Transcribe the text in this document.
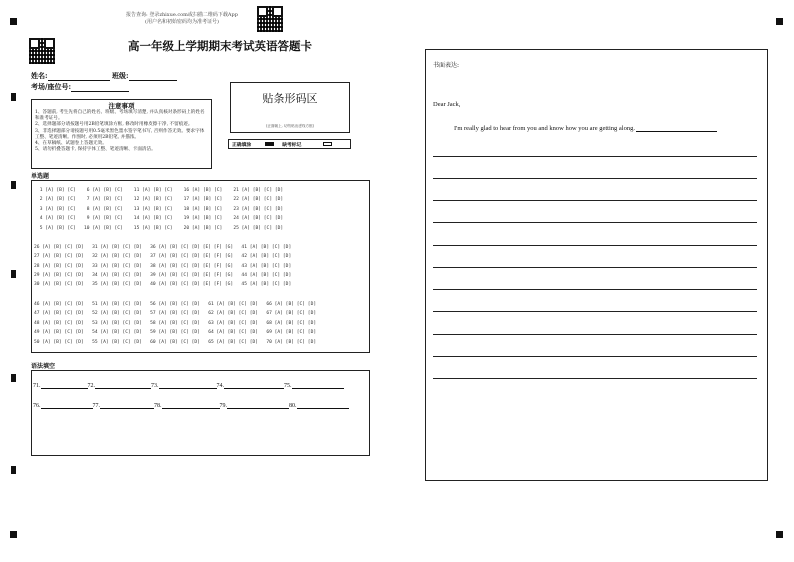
报告查询: 登录zhixue.com或扫描二维码下载App
(用户名和初始密码均为准考证号)
高一年级上学期期末考试英语答题卡
姓名:	班级:
考场/座位号:
贴条形码区
(正面朝上, 切勿贴出虚线方框)
注意事项
1、答题前, 考生先将自己的姓名、班级、考场填写清楚, 并认真核对条形码上的姓名和准考证号。
2、选择题部分请按题号用2B铅笔填涂方框, 修改时用橡皮擦干净, 不留痕迹。
3、非选择题部分请按题号用0.5毫米黑色墨水签字笔书写, 否则作答无效。要求字体工整、笔迹清晰。作图时, 必须用2B铅笔, 并描浓。
4、在草稿纸、试题卷上答题无效。
5、请勿折叠答题卡, 保持字体工整、笔迹清晰、卡面清洁。
正确填涂	缺考标记
单选题
1 [A] [B] [C]    6 [A] [B] [C]    11 [A] [B] [C]    16 [A] [B] [C]    21 [A] [B] [C] [D]
2 [A] [B] [C]    7 [A] [B] [C]    12 [A] [B] [C]    17 [A] [B] [C]    22 [A] [B] [C] [D]
3 [A] [B] [C]    8 [A] [B] [C]    13 [A] [B] [C]    18 [A] [B] [C]    23 [A] [B] [C] [D]
4 [A] [B] [C]    9 [A] [B] [C]    14 [A] [B] [C]    19 [A] [B] [C]    24 [A] [B] [C] [D]
5 [A] [B] [C]   10 [A] [B] [C]    15 [A] [B] [C]    20 [A] [B] [C]    25 [A] [B] [C] [D]
26 [A] [B] [C] [D]   31 [A] [B] [C] [D]   36 [A] [B] [C] [D] [E] [F] [G]   41 [A] [B] [C] [D]
27 [A] [B] [C] [D]   32 [A] [B] [C] [D]   37 [A] [B] [C] [D] [E] [F] [G]   42 [A] [B] [C] [D]
28 [A] [B] [C] [D]   33 [A] [B] [C] [D]   38 [A] [B] [C] [D] [E] [F] [G]   43 [A] [B] [C] [D]
29 [A] [B] [C] [D]   34 [A] [B] [C] [D]   39 [A] [B] [C] [D] [E] [F] [G]   44 [A] [B] [C] [D]
30 [A] [B] [C] [D]   35 [A] [B] [C] [D]   40 [A] [B] [C] [D] [E] [F] [G]   45 [A] [B] [C] [D]
46 [A] [B] [C] [D]   51 [A] [B] [C] [D]   56 [A] [B] [C] [D]   61 [A] [B] [C] [D]   66 [A] [B] [C] [D]
47 [A] [B] [C] [D]   52 [A] [B] [C] [D]   57 [A] [B] [C] [D]   62 [A] [B] [C] [D]   67 [A] [B] [C] [D]
48 [A] [B] [C] [D]   53 [A] [B] [C] [D]   58 [A] [B] [C] [D]   63 [A] [B] [C] [D]   68 [A] [B] [C] [D]
49 [A] [B] [C] [D]   54 [A] [B] [C] [D]   59 [A] [B] [C] [D]   64 [A] [B] [C] [D]   69 [A] [B] [C] [D]
50 [A] [B] [C] [D]   55 [A] [B] [C] [D]   60 [A] [B] [C] [D]   65 [A] [B] [C] [D]   70 [A] [B] [C] [D]
语法填空
71.	72.	73.	74.	75.
76.	77.	78.	79.	80.
书面表达:
Dear Jack,
I'm really glad to hear from you and know how you are getting along.
